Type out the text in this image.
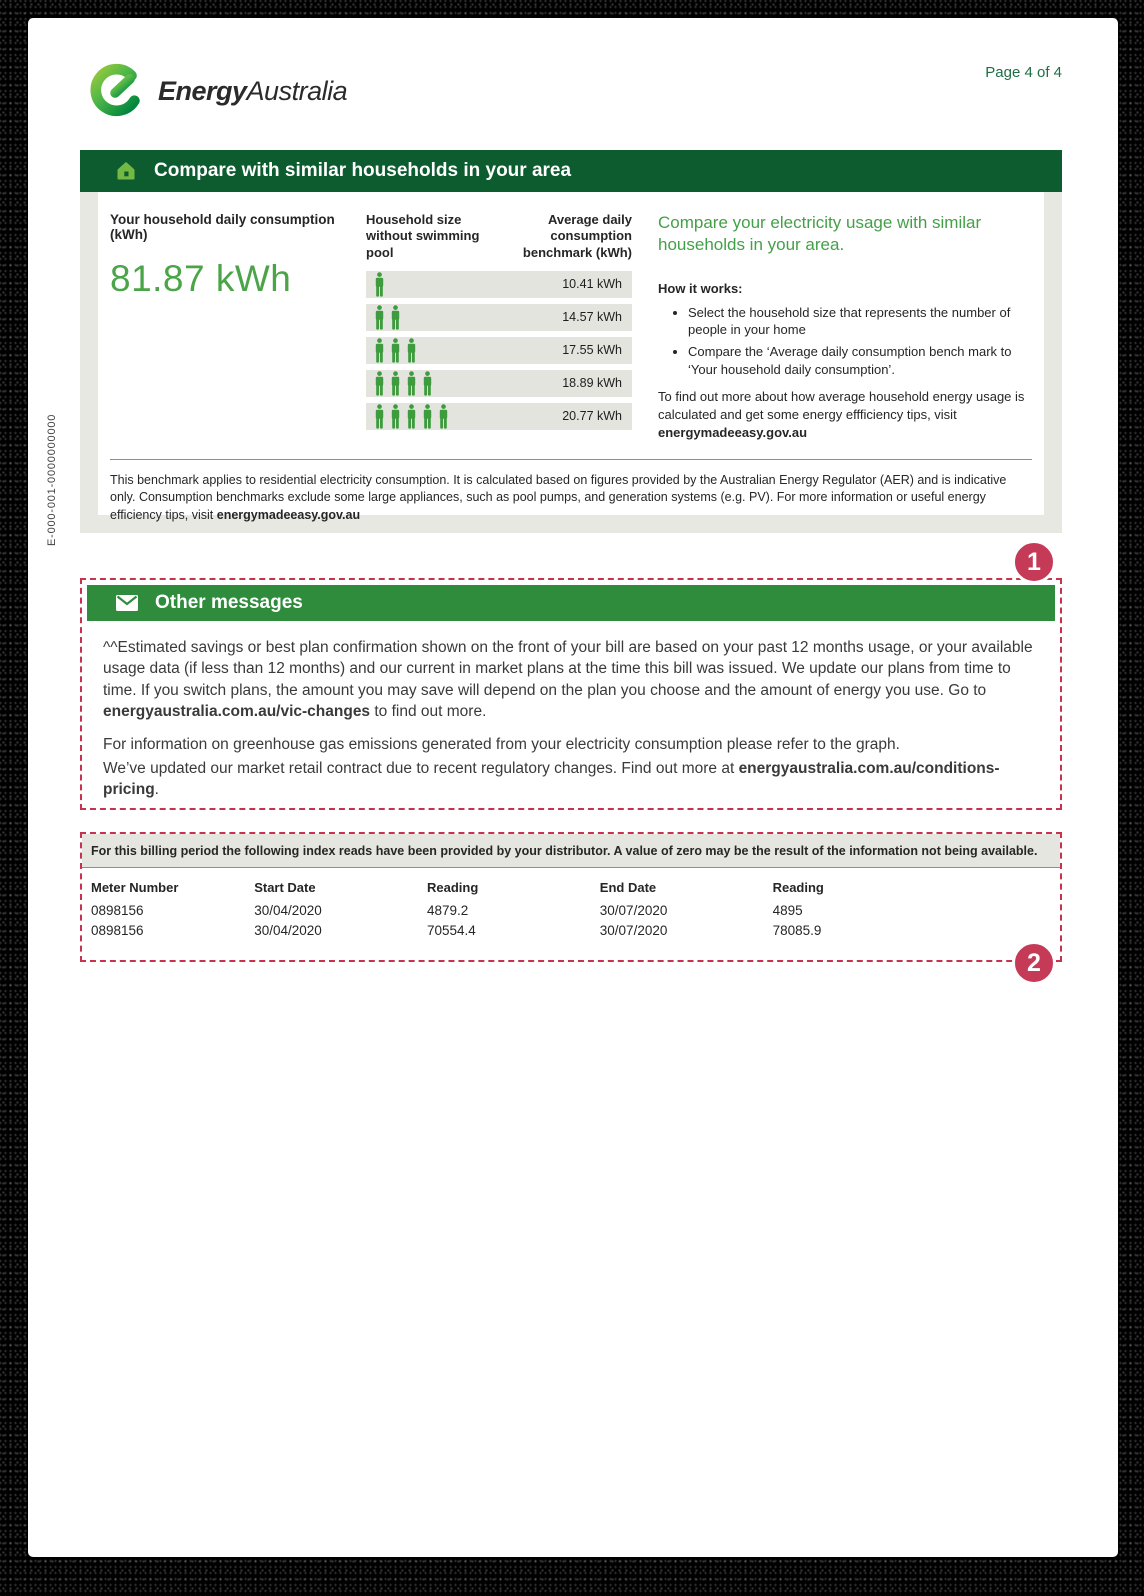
EnergyAustralia
Page 4 of 4
Compare with similar households in your area
Your household daily consumption (kWh)
81.87 kWh
Household size without swimming pool
Average daily consumption benchmark (kWh)
10.41 kWh
14.57 kWh
17.55 kWh
18.89 kWh
20.77 kWh
Compare your electricity usage with similar households in your area.
How it works:
• Select the household size that represents the number of people in your home
• Compare the ‘Average daily consumption bench mark to ‘Your household daily consumption’.
To find out more about how average household energy usage is calculated and get some energy effficiency tips, visit energymadeeasy.gov.au

This benchmark applies to residential electricity consumption. It is calculated based on figures provided by the Australian Energy Regulator (AER) and is indicative only. Consumption benchmarks exclude some large appliances, such as pool pumps, and generation systems (e.g. PV). For more information or useful energy efficiency tips, visit energymadeeasy.gov.au

1
Other messages

^^Estimated savings or best plan confirmation shown on the front of your bill are based on your past 12 months usage, or your available usage data (if less than 12 months) and our current in market plans at the time this bill was issued. We update our plans from time to time. If you switch plans, the amount you may save will depend on the plan you choose and the amount of energy you use. Go to energyaustralia.com.au/vic-changes to find out more.

For information on greenhouse gas emissions generated from your electricity consumption please refer to the graph.

We’ve updated our market retail contract due to recent regulatory changes. Find out more at energyaustralia.com.au/conditions-pricing.

2
For this billing period the following index reads have been provided by your distributor. A value of zero may be the result of the information not being available.
Meter Number	Start Date	Reading	End Date	Reading
0898156	30/04/2020	4879.2	30/07/2020	4895
0898156	30/04/2020	70554.4	30/07/2020	78085.9
E-000-001-0000000000
